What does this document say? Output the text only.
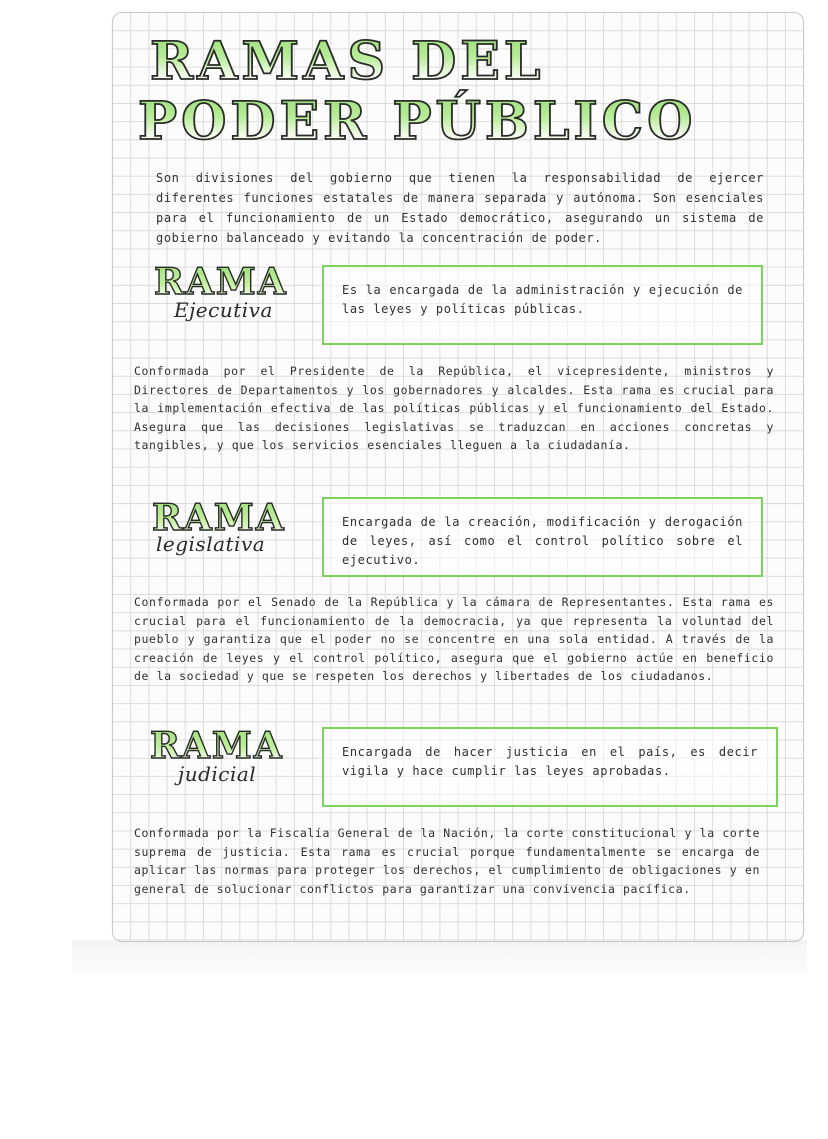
RAMAS DEL
PODER PÚBLICO
Son divisiones del gobierno que tienen la responsabilidad de ejercer diferentes funciones estatales de manera separada y autónoma. Son esenciales para el funcionamiento de un Estado democrático, asegurando un sistema de gobierno balanceado y evitando la concentración de poder.
RAMA
Ejecutiva
Es la encargada de la administración y ejecución de las leyes y políticas públicas.
Conformada por el Presidente de la República, el vicepresidente, ministros y Directores de Departamentos y los gobernadores y alcaldes. Esta rama es crucial para la implementación efectiva de las políticas públicas y el funcionamiento del Estado. Asegura que las decisiones legislativas se traduzcan en acciones concretas y tangibles, y que los servicios esenciales lleguen a la ciudadanía.
RAMA
legislativa
Encargada de la creación, modificación y derogación de leyes, así como el control político sobre el ejecutivo.
Conformada por el Senado de la República y la cámara de Representantes. Esta rama es crucial para el funcionamiento de la democracia, ya que representa la voluntad del pueblo y garantiza que el poder no se concentre en una sola entidad. A través de la creación de leyes y el control político, asegura que el gobierno actúe en beneficio de la sociedad y que se respeten los derechos y libertades de los ciudadanos.
RAMA
judicial
Encargada de hacer justicia en el país, es decir vigila y hace cumplir las leyes aprobadas.
Conformada por la Fiscalía General de la Nación, la corte constitucional y la corte suprema de justicia. Esta rama es crucial porque fundamentalmente se encarga de aplicar las normas para proteger los derechos, el cumplimiento de obligaciones y en general de solucionar conflictos para garantizar una convivencia pacífica.
